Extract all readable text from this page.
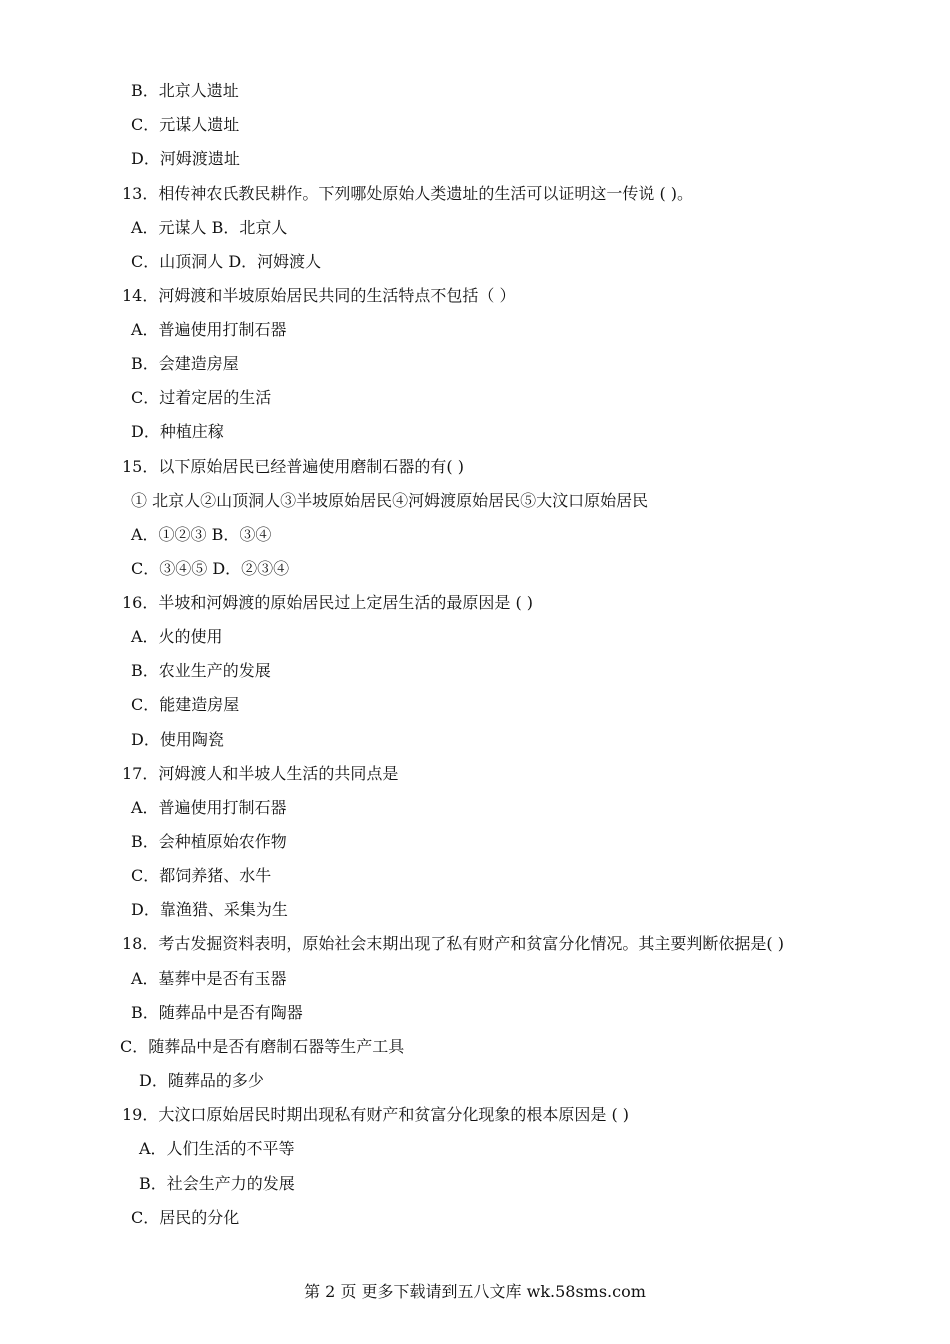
B．北京人遗址
C．元谋人遗址
D．河姆渡遗址
13．相传神农氏教民耕作。下列哪处原始人类遗址的生活可以证明这一传说 ( )。
A．元谋人 B．北京人
C．山顶洞人 D．河姆渡人
14．河姆渡和半坡原始居民共同的生活特点不包括（ ）
A．普遍使用打制石器
B．会建造房屋
C．过着定居的生活
D．种植庄稼
15．以下原始居民已经普遍使用磨制石器的有( )
① 北京人②山顶洞人③半坡原始居民④河姆渡原始居民⑤大汶口原始居民
A．①②③ B．③④
C．③④⑤ D．②③④
16．半坡和河姆渡的原始居民过上定居生活的最原因是 ( )
A．火的使用
B．农业生产的发展
C．能建造房屋
D．使用陶瓷
17．河姆渡人和半坡人生活的共同点是
A．普遍使用打制石器
B．会种植原始农作物
C．都饲养猪、水牛
D．靠渔猎、采集为生
18．考古发掘资料表明，原始社会末期出现了私有财产和贫富分化情况。其主要判断依据是( )
A．墓葬中是否有玉器
B．随葬品中是否有陶器
C．随葬品中是否有磨制石器等生产工具
D．随葬品的多少
19．大汶口原始居民时期出现私有财产和贫富分化现象的根本原因是 ( )
A．人们生活的不平等
B．社会生产力的发展
C．居民的分化
第 2 页 更多下载请到五八文库 wk.58sms.com
